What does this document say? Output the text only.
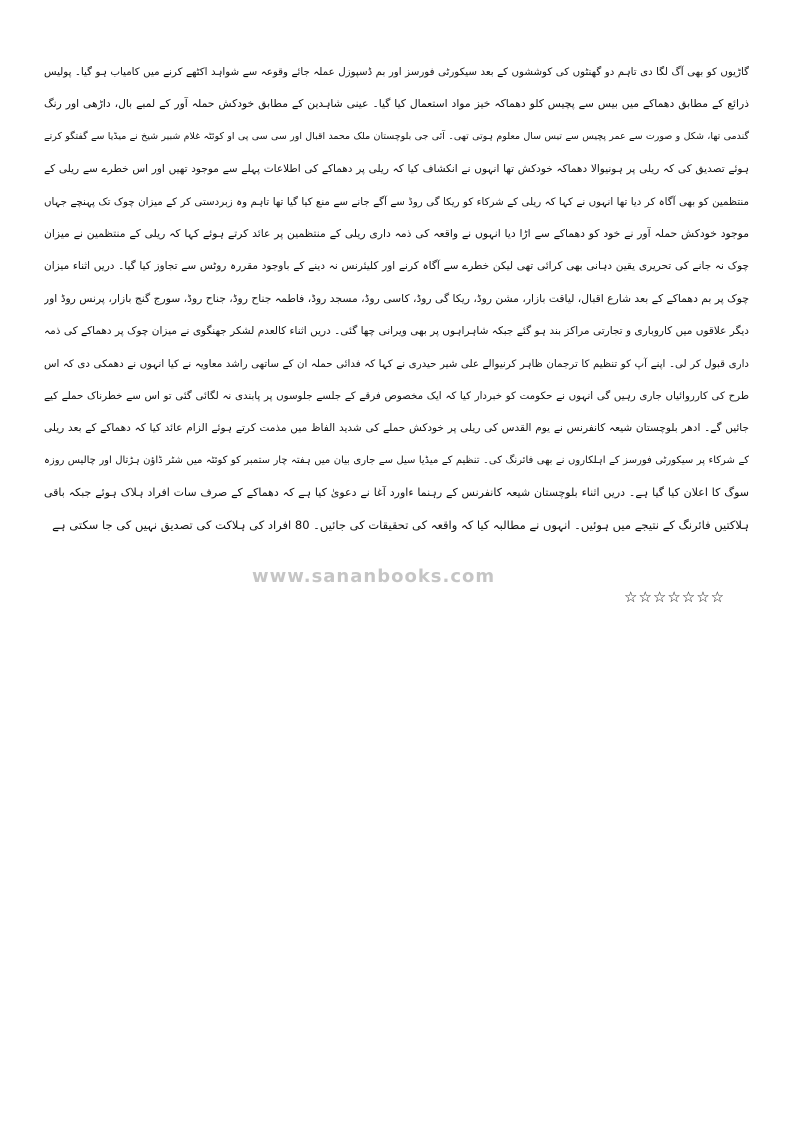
گاڑیوں کو بھی آگ لگا دی تاہم دو گھنٹوں کی کوششوں کے بعد سیکورٹی فورسز اور بم ڈسپوزل عملہ جائے وقوعہ سے شواہد اکٹھے کرنے میں کامیاب ہو گیا۔ پولیس
ذرائع کے مطابق دھماکے میں بیس سے پچیس کلو دھماکہ خیز مواد استعمال کیا گیا۔ عینی شاہدین کے مطابق خودکش حملہ آور کے لمبے بال، داڑھی اور رنگ
گندمی تھا، شکل و صورت سے عمر پچیس سے تیس سال معلوم ہوتی تھی۔ آئی جی بلوچستان ملک محمد اقبال اور سی سی پی او کوئٹہ غلام شبیر شیخ نے میڈیا سے گفتگو کرتے
ہوئے تصدیق کی کہ ریلی پر ہونیوالا دھماکہ خودکش تھا انہوں نے انکشاف کیا کہ ریلی پر دھماکے کی اطلاعات پہلے سے موجود تھیں اور اس خطرے سے ریلی کے
منتظمین کو بھی آگاہ کر دیا تھا انہوں نے کہا کہ ریلی کے شرکاء کو ریکا گی روڈ سے آگے جانے سے منع کیا گیا تھا تاہم وہ زبردستی کر کے میزان چوک تک پہنچے جہاں
موجود خودکش حملہ آور نے خود کو دھماکے سے اڑا دیا انہوں نے واقعہ کی ذمہ داری ریلی کے منتظمین پر عائد کرتے ہوئے کہا کہ ریلی کے منتظمین نے میزان
چوک نہ جانے کی تحریری یقین دہانی بھی کرائی تھی لیکن خطرے سے آگاہ کرنے اور کلیئرنس نہ دینے کے باوجود مقررہ روٹس سے تجاوز کیا گیا۔ دریں اثناء میزان
چوک پر بم دھماکے کے بعد شارع اقبال، لیاقت بازار، مشن روڈ، ریکا گی روڈ، کاسی روڈ، مسجد روڈ، فاطمہ جناح روڈ، جناح روڈ، سورج گنج بازار، پرنس روڈ اور
دیگر علاقوں میں کاروباری و تجارتی مراکز بند ہو گئے جبکہ شاہراہوں پر بھی ویرانی چھا گئی۔ دریں اثناء کالعدم لشکر جھنگوی نے میزان چوک پر دھماکے کی ذمہ
داری قبول کر لی۔ اپنے آپ کو تنظیم کا ترجمان ظاہر کرنیوالے علی شیر حیدری نے کہا کہ فدائی حملہ ان کے ساتھی راشد معاویہ نے کیا انہوں نے دھمکی دی کہ اس
طرح کی کارروائیاں جاری رہیں گی انہوں نے حکومت کو خبردار کیا کہ ایک مخصوص فرقے کے جلسے جلوسوں پر پابندی نہ لگائی گئی تو اس سے خطرناک حملے کیے
جائیں گے۔ ادھر بلوچستان شیعہ کانفرنس نے یوم القدس کی ریلی پر خودکش حملے کی شدید الفاظ میں مذمت کرتے ہوئے الزام عائد کیا کہ دھماکے کے بعد ریلی
کے شرکاء پر سیکورٹی فورسز کے اہلکاروں نے بھی فائرنگ کی۔ تنظیم کے میڈیا سیل سے جاری بیان میں ہفتہ چار ستمبر کو کوئٹہ میں شٹر ڈاؤن ہڑتال اور چالیس روزہ
سوگ کا اعلان کیا گیا ہے۔ دریں اثناء بلوچستان شیعہ کانفرنس کے رہنما ءاورد آغا نے دعویٰ کیا ہے کہ دھماکے کے صرف سات افراد ہلاک ہوئے جبکہ باقی
ہلاکتیں فائرنگ کے نتیجے میں ہوئیں۔ انہوں نے مطالبہ کیا کہ واقعہ کی تحقیقات کی جائیں۔ 80 افراد کی ہلاکت کی تصدیق نہیں کی جا سکتی ہے
www.sananbooks.com
☆☆☆☆☆☆☆
